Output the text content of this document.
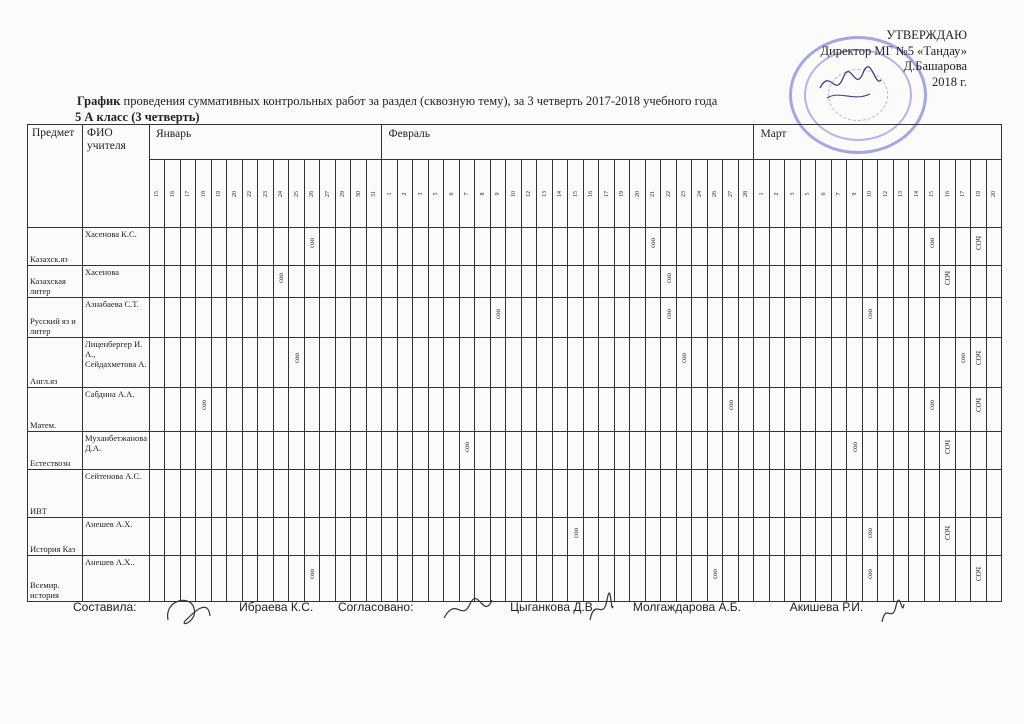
УТВЕРЖДАЮ
Директор МГ №5 «Тандау»
Д.Башарова
2018 г.
График проведения суммативных контрольных работ за раздел (сквозную тему), за 3 четверть 2017-2018 учебного года
5 А класс (3 четверть)
Предмет	ФИО учителя	Январь															Февраль																								Март															

		15	16	17	18	19	20	22	23	24	25	26	27	29	30	31	1	2	3	5	6	7	8	9	10	12	13	14	15	16	17	19	20	21	22	23	24	26	27	28	1	2	3	5	6	7	9	10	12	13	14	15	16	17	19	20

Казахск.яз	Хасенова К.С.											соо																						соо																		соо			СОЧ	

Казахская литер	Хасенова									соо																									соо																		СОЧ			

Русский яз и литер	Азнабаева С.Т.																							соо											соо													соо								

Англ.яз	Лиценбергер И. А., Сейдахметова А.										соо																									соо																		соо	СОЧ	

Матем.	Сабдина А.А.				соо																																		соо													соо			СОЧ	

Естествозн	Муханбетжанова Д.А.																					соо																									соо						СОЧ			

ИВТ	Сейтенова А.С.																																																							
История Каз	Анешев А.Х.																												соо																			соо					СОЧ			

Всемир. история	Анешев А.Х..											соо																										соо										соо							СОЧ	

Составила:	Ибраева К.С. Согласовано:	Цыганкова Д.В.	Молгаждарова А.Б.	Акишева Р.И.
